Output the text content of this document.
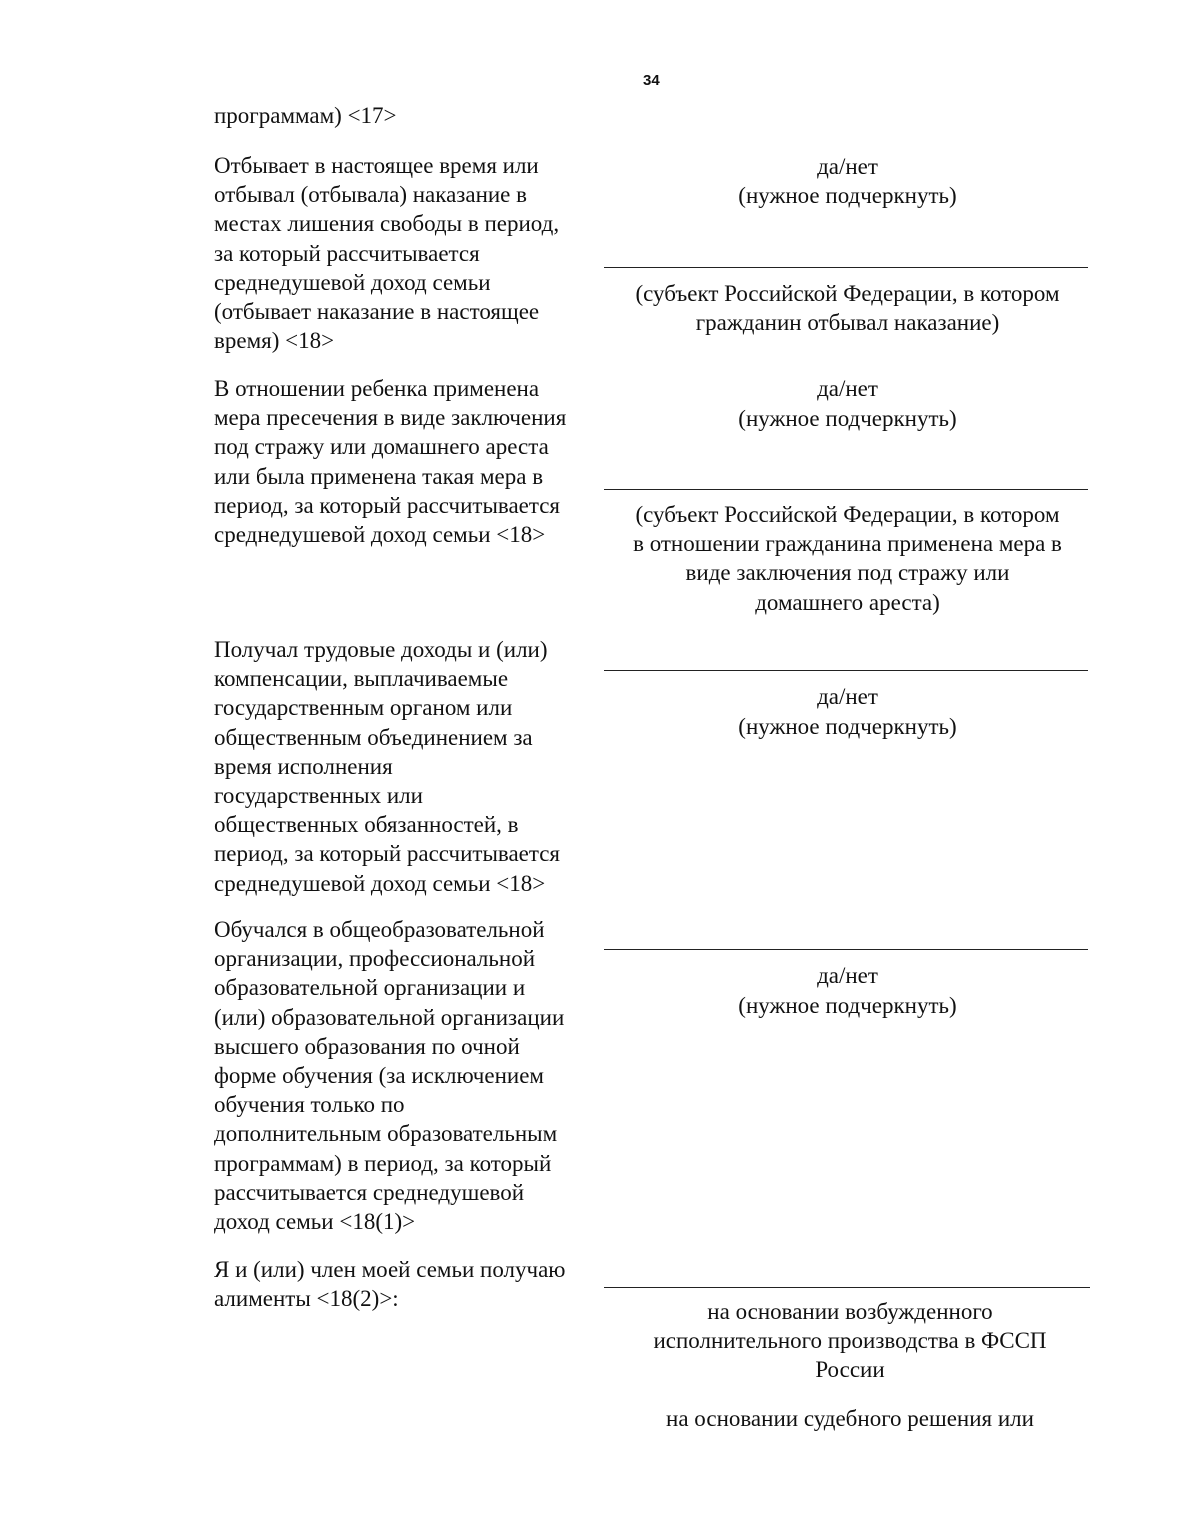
34
программам) <17>
Отбывает в настоящее время или
отбывал (отбывала) наказание в
местах лишения свободы в период,
за который рассчитывается
среднедушевой доход семьи
(отбывает наказание в настоящее
время) <18>
да/нет
(нужное подчеркнуть)
(субъект Российской Федерации, в котором
гражданин отбывал наказание)
В отношении ребенка применена
мера пресечения в виде заключения
под стражу или домашнего ареста
или была применена такая мера в
период, за который рассчитывается
среднедушевой доход семьи <18>
да/нет
(нужное подчеркнуть)
(субъект Российской Федерации, в котором
в отношении гражданина применена мера в
виде заключения под стражу или
домашнего ареста)
Получал трудовые доходы и (или)
компенсации, выплачиваемые
государственным органом или
общественным объединением за
время исполнения
государственных или
общественных обязанностей, в
период, за который рассчитывается
среднедушевой доход семьи <18>
да/нет
(нужное подчеркнуть)
Обучался в общеобразовательной
организации, профессиональной
образовательной организации и
(или) образовательной организации
высшего образования по очной
форме обучения (за исключением
обучения только по
дополнительным образовательным
программам) в период, за который
рассчитывается среднедушевой
доход семьи <18(1)>
да/нет
(нужное подчеркнуть)
Я и (или) член моей семьи получаю
алименты <18(2)>:
на основании возбужденного
исполнительного производства в ФССП
России
на основании судебного решения или
